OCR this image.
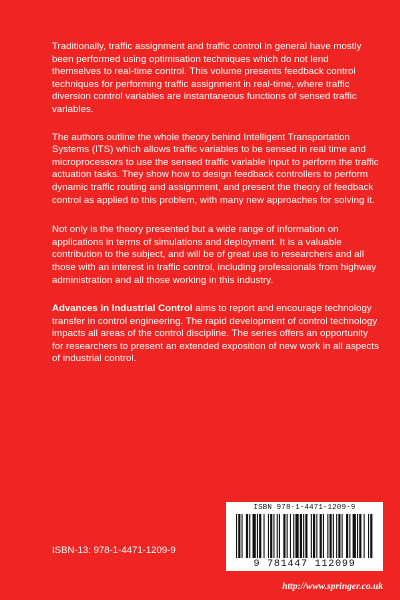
Traditionally, traffic assignment and traffic control in general have mostly been performed using optimisation techniques which do not lend themselves to real-time control. This volume presents feedback control techniques for performing traffic assignment in real-time, where traffic diversion control variables are instantaneous functions of sensed traffic variables.

The authors outline the whole theory behind Intelligent Transportation Systems (ITS) which allows traffic variables to be sensed in real time and microprocessors to use the sensed traffic variable input to perform the traffic actuation tasks. They show how to design feedback controllers to perform dynamic traffic routing and assignment, and present the theory of feedback control as applied to this problem, with many new approaches for solving it.

Not only is the theory presented but a wide range of information on applications in terms of simulations and deployment. It is a valuable contribution to the subject, and will be of great use to researchers and all those with an interest in traffic control, including professionals from highway administration and all those working in this industry.

Advances in Industrial Control aims to report and encourage technology transfer in control engineering. The rapid development of control technology impacts all areas of the control discipline. The series offers an opportunity for researchers to present an extended exposition of new work in all aspects of industrial control.

ISBN 978-1-4471-1209-9
9 781447 112099
ISBN-13: 978-1-4471-1209-9
http://www.springer.co.uk
